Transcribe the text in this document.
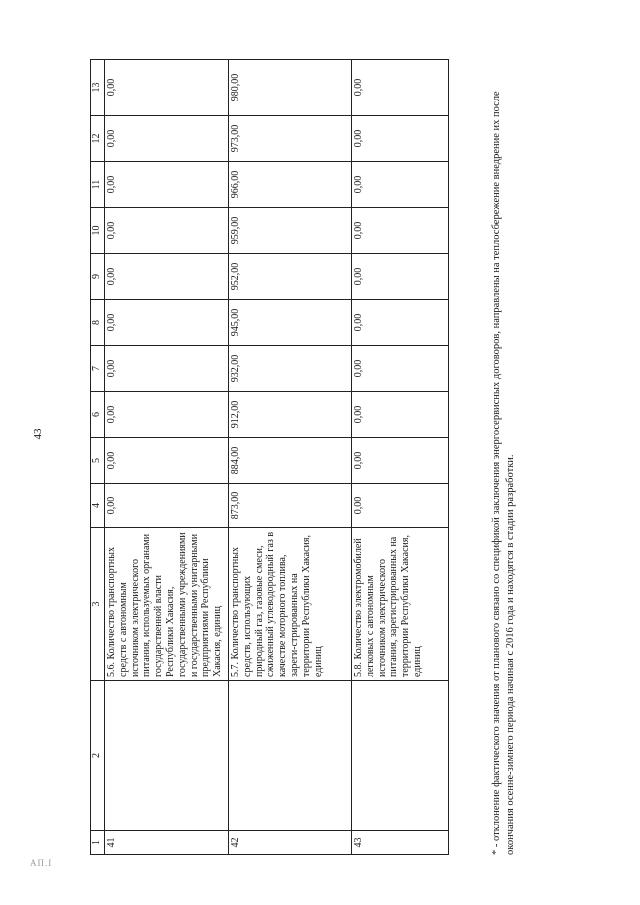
43
ΑΠ.Ι
1	2	3	4	5	6	7	8	9	10	11	12	13
41		5.6. Количество транспортных средств с автономным источником электрического питания, используемых органами государственной власти Республики Хакасия, государственными учреждениями и государственными унитарными предприятиями Республики Хакасия, единиц	0,00	0,00	0,00	0,00	0,00	0,00	0,00	0,00	0,00	0,00
42		5.7. Количество транспортных средств, использующих природный газ, газовые смеси, сжиженный углеводородный газ в качестве моторного топлива, зареги-стрированных на территории Республики Хакасия, единиц	873,00	884,00	912,00	932,00	945,00	952,00	959,00	966,00	973,00	980,00
43		5.8. Количество электромобилей легковых с автономным источником электрического питания, зарегистрированных на территории Республики Хакасия, единиц	0,00	0,00	0,00	0,00	0,00	0,00	0,00	0,00	0,00	0,00
* - отклонение фактического значения от планового связано со спецификой заключения энергосервисных договоров, направлены на теплосбережение внедрение их после окончания осенне-зимнего периода начиная с 2016 года и находятся в стадии разработки.
